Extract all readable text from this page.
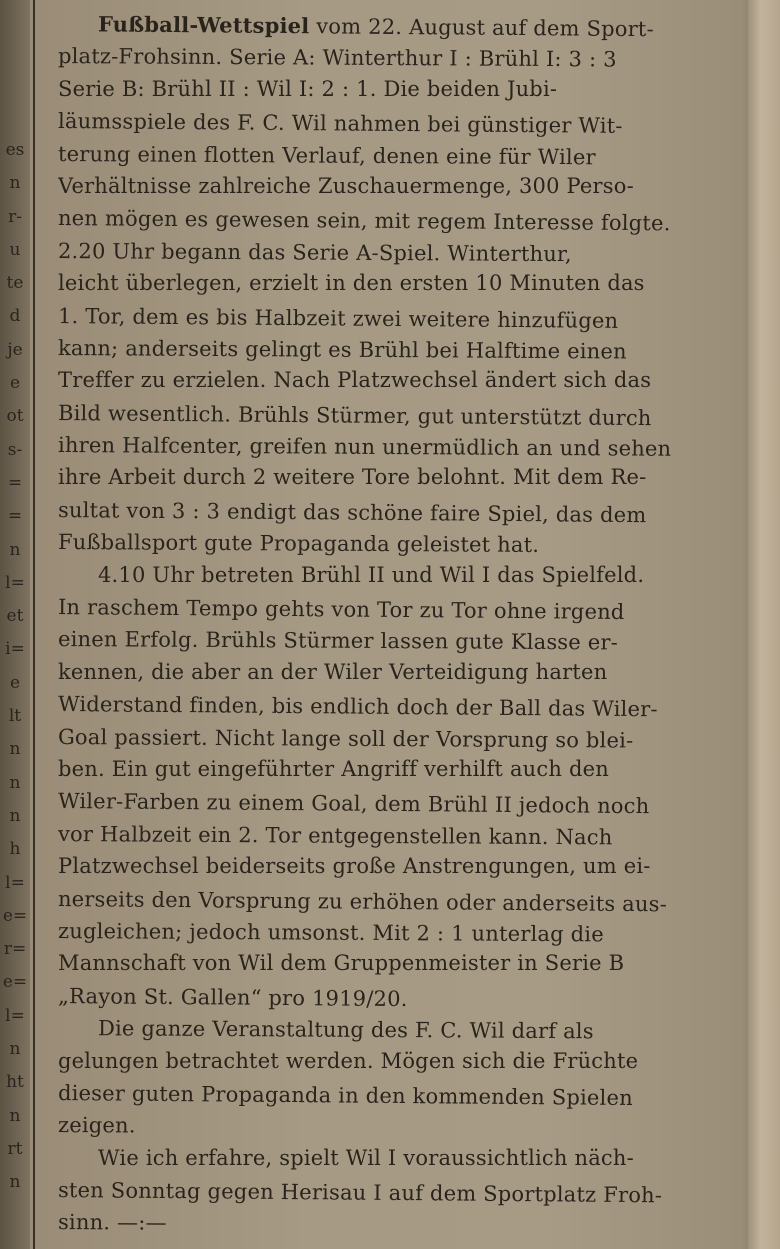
es
n
r-
u
te
d
je
e
ot
s-
=
=
n
l=
et
i=
e
lt
n
n
n
h
l=
e=
r=
e=
l=
n
ht
n
rt
n
Fußball-Wettspiel vom 22. August auf dem Sport-
platz-Frohsinn. Serie A: Winterthur I : Brühl I: 3 : 3
Serie B: Brühl II : Wil I: 2 : 1. Die beiden Jubi-
läumsspiele des F. C. Wil nahmen bei günstiger Wit-
terung einen flotten Verlauf, denen eine für Wiler
Verhältnisse zahlreiche Zuschauermenge, 300 Perso-
nen mögen es gewesen sein, mit regem Interesse folgte.
2.20 Uhr begann das Serie A-Spiel. Winterthur,
leicht überlegen, erzielt in den ersten 10 Minuten das
1. Tor, dem es bis Halbzeit zwei weitere hinzufügen
kann; anderseits gelingt es Brühl bei Halftime einen
Treffer zu erzielen. Nach Platzwechsel ändert sich das
Bild wesentlich. Brühls Stürmer, gut unterstützt durch
ihren Halfcenter, greifen nun unermüdlich an und sehen
ihre Arbeit durch 2 weitere Tore belohnt. Mit dem Re-
sultat von 3 : 3 endigt das schöne faire Spiel, das dem
Fußballsport gute Propaganda geleistet hat.
4.10 Uhr betreten Brühl II und Wil I das Spielfeld.
In raschem Tempo gehts von Tor zu Tor ohne irgend
einen Erfolg. Brühls Stürmer lassen gute Klasse er-
kennen, die aber an der Wiler Verteidigung harten
Widerstand finden, bis endlich doch der Ball das Wiler-
Goal passiert. Nicht lange soll der Vorsprung so blei-
ben. Ein gut eingeführter Angriff verhilft auch den
Wiler-Farben zu einem Goal, dem Brühl II jedoch noch
vor Halbzeit ein 2. Tor entgegenstellen kann. Nach
Platzwechsel beiderseits große Anstrengungen, um ei-
nerseits den Vorsprung zu erhöhen oder anderseits aus-
zugleichen; jedoch umsonst. Mit 2 : 1 unterlag die
Mannschaft von Wil dem Gruppenmeister in Serie B
„Rayon St. Gallen“ pro 1919/20.
Die ganze Veranstaltung des F. C. Wil darf als
gelungen betrachtet werden. Mögen sich die Früchte
dieser guten Propaganda in den kommenden Spielen
zeigen.
Wie ich erfahre, spielt Wil I voraussichtlich näch-
sten Sonntag gegen Herisau I auf dem Sportplatz Froh-
sinn. —:—
